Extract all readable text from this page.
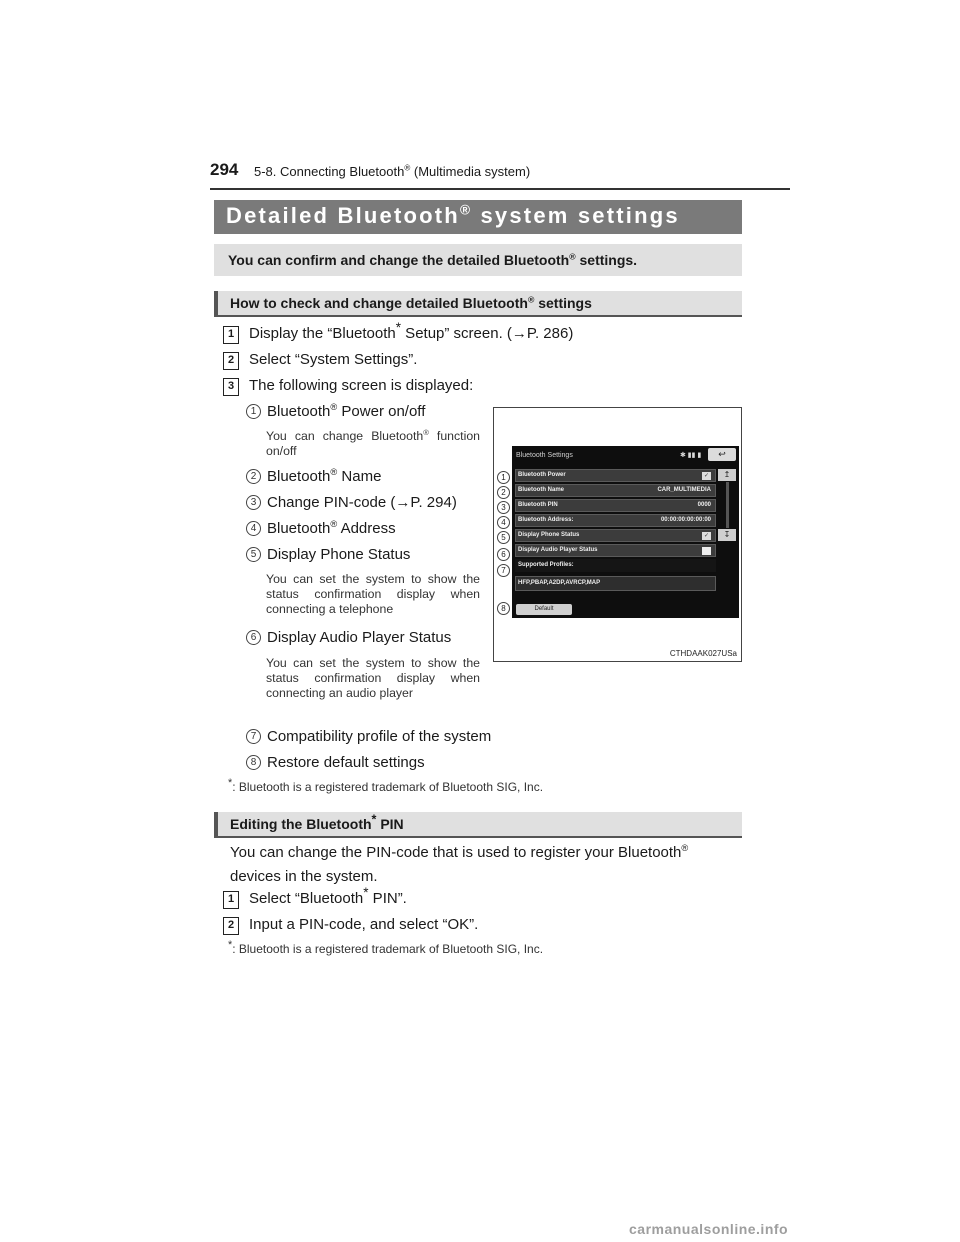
294 5-8. Connecting Bluetooth® (Multimedia system)
Detailed Bluetooth® system settings
You can confirm and change the detailed Bluetooth® settings.
How to check and change detailed Bluetooth® settings
1 Display the “Bluetooth* Setup” screen. (→P. 286)
2 Select “System Settings”.
3 The following screen is displayed:
1 Bluetooth® Power on/off
You can change Bluetooth® function on/off
2 Bluetooth® Name
3 Change PIN-code (→P. 294)
4 Bluetooth® Address
5 Display Phone Status
You can set the system to show the status confirmation display when connecting a telephone
6 Display Audio Player Status
You can set the system to show the status confirmation display when connecting an audio player
7 Compatibility profile of the system
8 Restore default settings
*: Bluetooth is a registered trademark of Bluetooth SIG, Inc.
Bluetooth Settings	✱ ▮▮ ▮	↩
Bluetooth Power	✓
Bluetooth Name	CAR_MULTIMEDIA
Bluetooth PIN	0000
Bluetooth Address:	00:00:00:00:00:00
Display Phone Status	✓
Display Audio Player Status
Supported Profiles:
HFP,PBAP,A2DP,AVRCP,MAP
↥
↧
Default
1
2
3
4
5
6
7
8
CTHDAAK027USa
Editing the Bluetooth* PIN
You can change the PIN-code that is used to register your Bluetooth®
devices in the system.
1 Select “Bluetooth* PIN”.
2 Input a PIN-code, and select “OK”.
*: Bluetooth is a registered trademark of Bluetooth SIG, Inc.
carmanualsonline.info
